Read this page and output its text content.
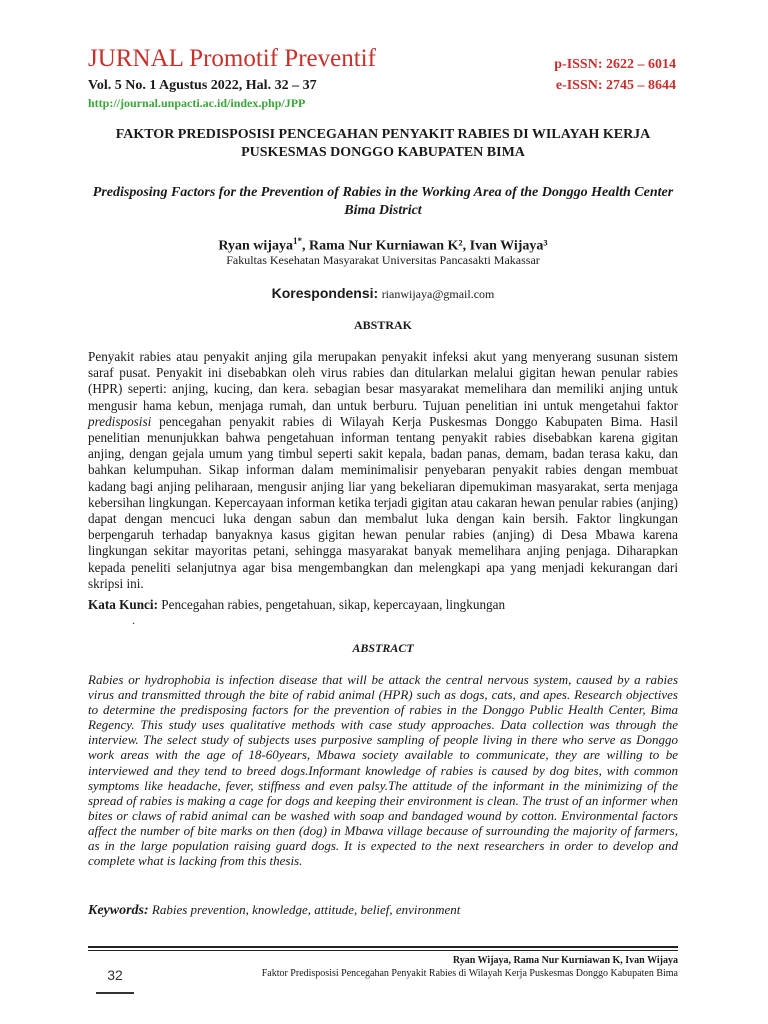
JURNAL Promotif Preventif
Vol. 5 No. 1 Agustus 2022, Hal. 32 – 37
http://journal.unpacti.ac.id/index.php/JPP
p-ISSN: 2622 – 6014
e-ISSN: 2745 – 8644
FAKTOR PREDISPOSISI PENCEGAHAN PENYAKIT RABIES DI WILAYAH KERJA PUSKESMAS DONGGO KABUPATEN BIMA
Predisposing Factors for the Prevention of Rabies in the Working Area of the Donggo Health Center Bima District
Ryan wijaya$^{1*}$, Rama Nur Kurniawan K², Ivan Wijaya³
Fakultas Kesehatan Masyarakat Universitas Pancasakti Makassar
Korespondensi: rianwijaya@gmail.com
ABSTRAK

Penyakit rabies atau penyakit anjing gila merupakan penyakit infeksi akut yang menyerang susunan sistem saraf pusat. Penyakit ini disebabkan oleh virus rabies dan ditularkan melalui gigitan hewan penular rabies (HPR) seperti: anjing, kucing, dan kera. sebagian besar masyarakat memelihara dan memiliki anjing untuk mengusir hama kebun, menjaga rumah, dan untuk berburu. Tujuan penelitian ini untuk mengetahui faktor predisposisi pencegahan penyakit rabies di Wilayah Kerja Puskesmas Donggo Kabupaten Bima. Hasil penelitian menunjukkan bahwa pengetahuan informan tentang penyakit rabies disebabkan karena gigitan anjing, dengan gejala umum yang timbul seperti sakit kepala, badan panas, demam, badan terasa kaku, dan bahkan kelumpuhan. Sikap informan dalam meminimalisir penyebaran penyakit rabies dengan membuat kadang bagi anjing peliharaan, mengusir anjing liar yang bekeliaran dipemukiman masyarakat, serta menjaga kebersihan lingkungan. Kepercayaan informan ketika terjadi gigitan atau cakaran hewan penular rabies (anjing) dapat dengan mencuci luka dengan sabun dan membalut luka dengan kain bersih. Faktor lingkungan berpengaruh terhadap banyaknya kasus gigitan hewan penular rabies (anjing) di Desa Mbawa karena lingkungan sekitar mayoritas petani, sehingga masyarakat banyak memelihara anjing penjaga. Diharapkan kepada peneliti selanjutnya agar bisa mengembangkan dan melengkapi apa yang menjadi kekurangan dari skripsi ini.

Kata Kunci: Pencegahan rabies, pengetahuan, sikap, kepercayaan, lingkungan
.
ABSTRACT

Rabies or hydrophobia is infection disease that will be attack the central nervous system, caused by a rabies virus and transmitted through the bite of rabid animal (HPR) such as dogs, cats, and apes. Research objectives to determine the predisposing factors for the prevention of rabies in the Donggo Public Health Center, Bima Regency. This study uses qualitative methods with case study approaches. Data collection was through the interview. The select study of subjects uses purposive sampling of people living in there who serve as Donggo work areas with the age of 18-60years, Mbawa society available to communicate, they are willing to be interviewed and they tend to breed dogs.Informant knowledge of rabies is caused by dog bites, with common symptoms like headache, fever, stiffness and even palsy.The attitude of the informant in the minimizing of the spread of rabies is making a cage for dogs and keeping their environment is clean. The trust of an informer when bites or claws of rabid animal can be washed with soap and bandaged wound by cotton. Environmental factors affect the number of bite marks on then (dog) in Mbawa village because of surrounding the majority of farmers, as in the large population raising guard dogs. It is expected to the next researchers in order to develop and complete what is lacking from this thesis.

Keywords: Rabies prevention, knowledge, attitude, belief, environment
32
Ryan Wijaya, Rama Nur Kurniawan K, Ivan Wijaya
Faktor Predisposisi Pencegahan Penyakit Rabies di Wilayah Kerja Puskesmas Donggo Kabupaten Bima
